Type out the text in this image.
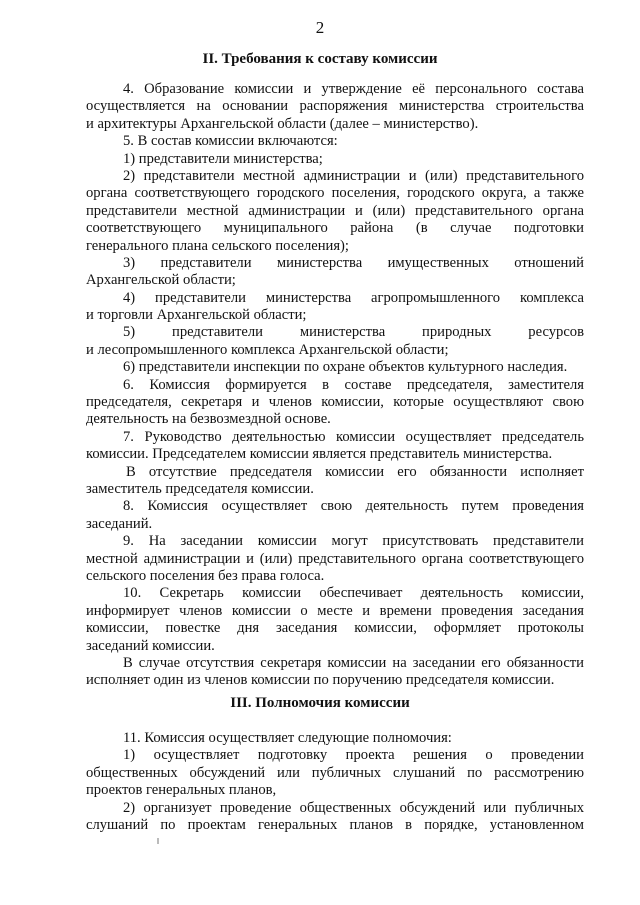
2
II. Требования к составу комиссии
4. Образование комиссии и утверждение её персонального состава
осуществляется на основании распоряжения министерства строительства
и архитектуры Архангельской области (далее – министерство).
5. В состав комиссии включаются:
1) представители министерства;
2) представители местной администрации и (или) представительного
органа соответствующего городского поселения, городского округа, а также
представители местной администрации и (или) представительного органа
соответствующего муниципального района (в случае подготовки
генерального плана сельского поселения);
3) представители министерства имущественных отношений
Архангельской области;
4) представители министерства агропромышленного комплекса
и торговли Архангельской области;
5) представители министерства природных ресурсов
и лесопромышленного комплекса Архангельской области;
6) представители инспекции по охране объектов культурного наследия.
6. Комиссия формируется в составе председателя, заместителя
председателя, секретаря и членов комиссии, которые осуществляют свою
деятельность на безвозмездной основе.
7. Руководство деятельностью комиссии осуществляет председатель
комиссии. Председателем комиссии является представитель министерства.
В отсутствие председателя комиссии его обязанности исполняет
заместитель председателя комиссии.
8. Комиссия осуществляет свою деятельность путем проведения
заседаний.
9. На заседании комиссии могут присутствовать представители
местной администрации и (или) представительного органа соответствующего
сельского поселения без права голоса.
10. Секретарь комиссии обеспечивает деятельность комиссии,
информирует членов комиссии о месте и времени проведения заседания
комиссии, повестке дня заседания комиссии, оформляет протоколы
заседаний комиссии.
В случае отсутствия секретаря комиссии на заседании его обязанности
исполняет один из членов комиссии по поручению председателя комиссии.
III. Полномочия комиссии
11. Комиссия осуществляет следующие полномочия:
1) осуществляет подготовку проекта решения о проведении
общественных обсуждений или публичных слушаний по рассмотрению
проектов генеральных планов,
2) организует проведение общественных обсуждений или публичных
слушаний по проектам генеральных планов в порядке, установленном
